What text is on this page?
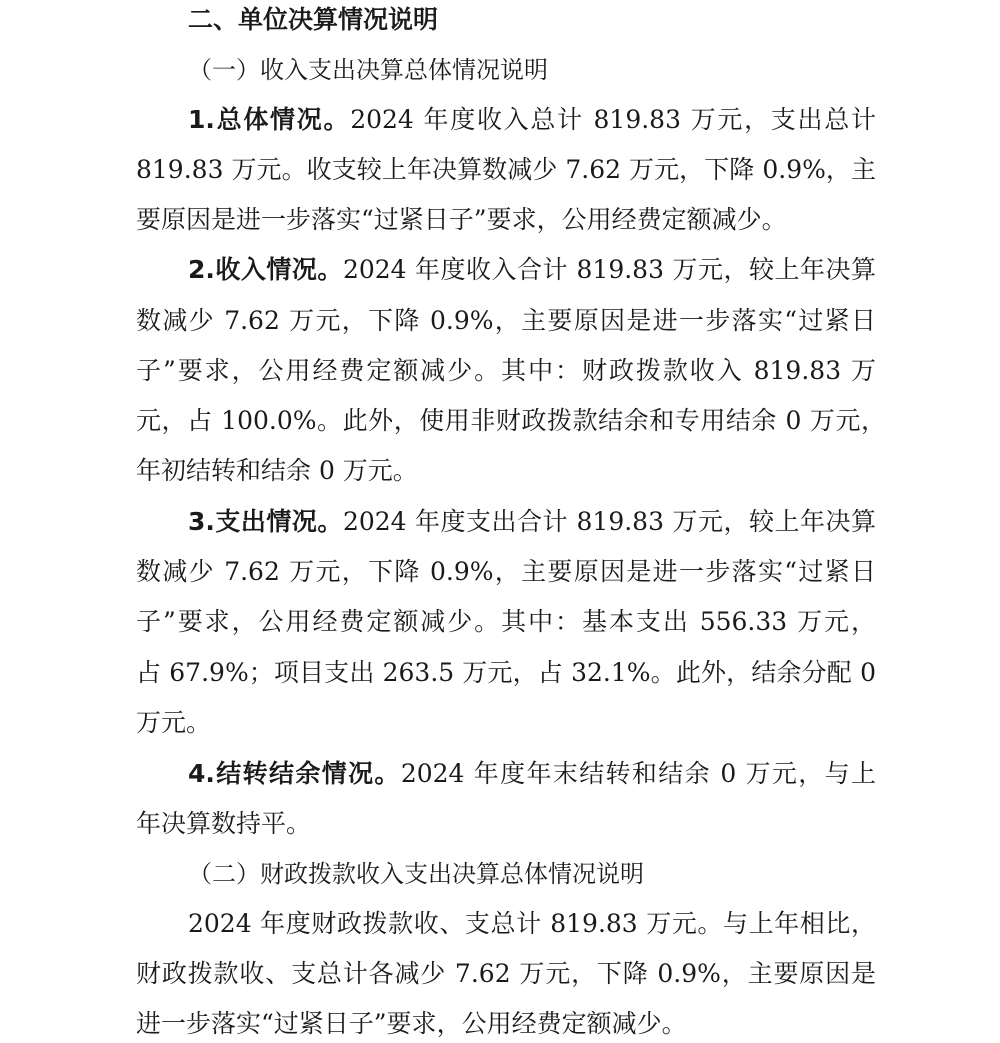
二、单位决算情况说明
（一）收入支出决算总体情况说明
1.总体情况。2024 年度收入总计 819.83 万元，支出总计
819.83 万元。收支较上年决算数减少 7.62 万元，下降 0.9%，主
要原因是进一步落实“过紧日子”要求，公用经费定额减少。
2.收入情况。2024 年度收入合计 819.83 万元，较上年决算
数减少 7.62 万元，下降 0.9%，主要原因是进一步落实“过紧日
子”要求，公用经费定额减少。其中：财政拨款收入 819.83 万
元，占 100.0%。此外，使用非财政拨款结余和专用结余 0 万元，
年初结转和结余 0 万元。
3.支出情况。2024 年度支出合计 819.83 万元，较上年决算
数减少 7.62 万元，下降 0.9%，主要原因是进一步落实“过紧日
子”要求，公用经费定额减少。其中：基本支出 556.33 万元，
占 67.9%；项目支出 263.5 万元，占 32.1%。此外，结余分配 0
万元。
4.结转结余情况。2024 年度年末结转和结余 0 万元，与上
年决算数持平。
（二）财政拨款收入支出决算总体情况说明
2024 年度财政拨款收、支总计 819.83 万元。与上年相比，
财政拨款收、支总计各减少 7.62 万元，下降 0.9%，主要原因是
进一步落实“过紧日子”要求，公用经费定额减少。
